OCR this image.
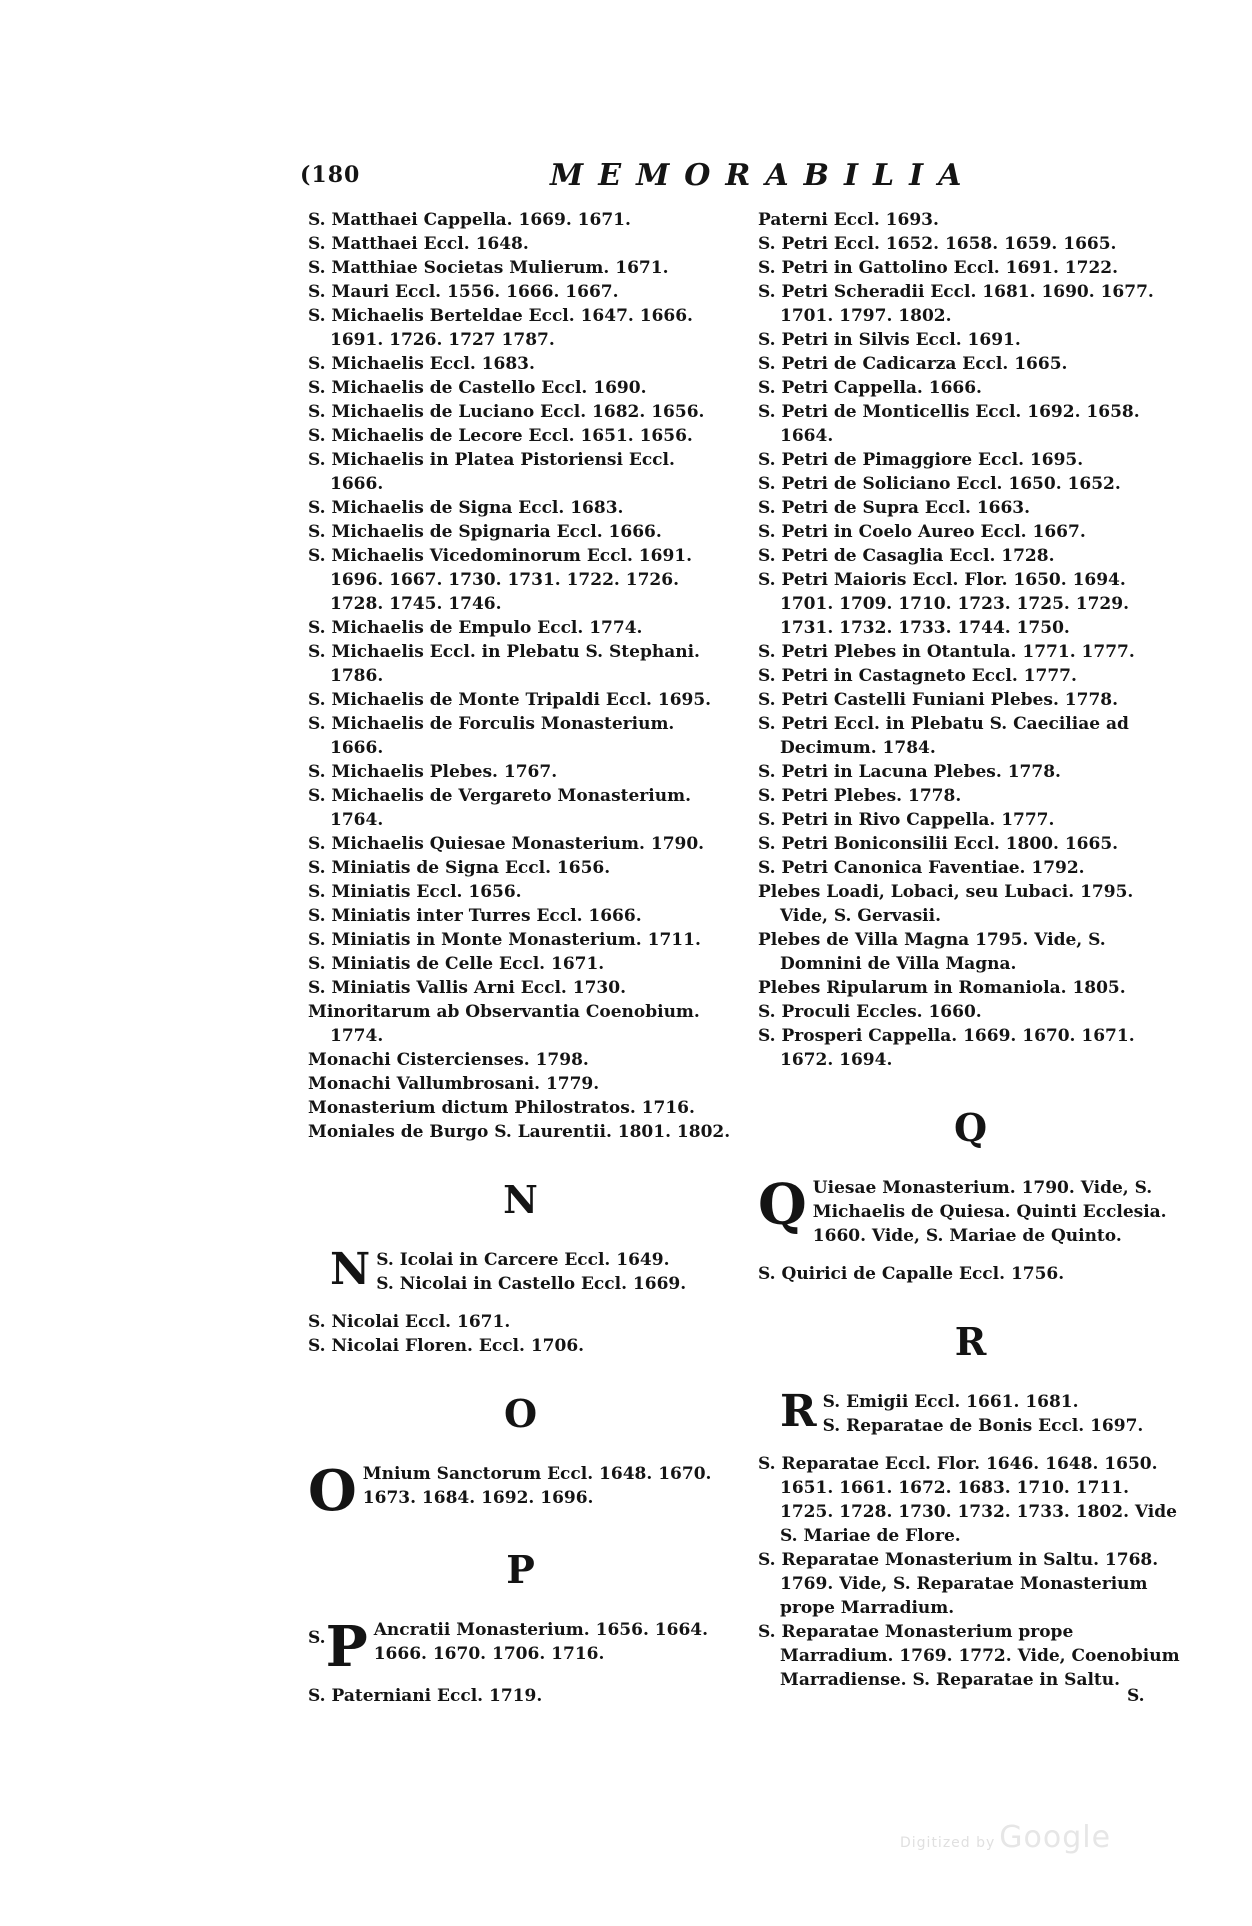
(180	MEMORABILIA

S. Matthaei Cappella. 1669. 1671.

S. Matthaei Eccl. 1648.

S. Matthiae Societas Mulierum. 1671.

S. Mauri Eccl. 1556. 1666. 1667.

S. Michaelis Berteldae Eccl. 1647. 1666. 1691. 1726. 1727 1787.

S. Michaelis Eccl. 1683.

S. Michaelis de Castello Eccl. 1690.

S. Michaelis de Luciano Eccl. 1682. 1656.

S. Michaelis de Lecore Eccl. 1651. 1656.

S. Michaelis in Platea Pistoriensi Eccl. 1666.

S. Michaelis de Signa Eccl. 1683.

S. Michaelis de Spignaria Eccl. 1666.

S. Michaelis Vicedominorum Eccl. 1691. 1696. 1667. 1730. 1731. 1722. 1726. 1728. 1745. 1746.

S. Michaelis de Empulo Eccl. 1774.

S. Michaelis Eccl. in Plebatu S. Stephani. 1786.

S. Michaelis de Monte Tripaldi Eccl. 1695.

S. Michaelis de Forculis Monasterium. 1666.

S. Michaelis Plebes. 1767.

S. Michaelis de Vergareto Monasterium. 1764.

S. Michaelis Quiesae Monasterium. 1790.

S. Miniatis de Signa Eccl. 1656.

S. Miniatis Eccl. 1656.

S. Miniatis inter Turres Eccl. 1666.

S. Miniatis in Monte Monasterium. 1711.

S. Miniatis de Celle Eccl. 1671.

S. Miniatis Vallis Arni Eccl. 1730.

Minoritarum ab Observantia Coenobium. 1774.

Monachi Cistercienses. 1798.

Monachi Vallumbrosani. 1779.

Monasterium dictum Philostratos. 1716.

Moniales de Burgo S. Laurentii. 1801. 1802.

N
N S. Icolai in Carcere Eccl. 1649.

S. Nicolai in Castello Eccl. 1669.

S. Nicolai Eccl. 1671.

S. Nicolai Floren. Eccl. 1706.

O
O Mnium Sanctorum Eccl. 1648. 1670. 1673. 1684. 1692. 1696.

P
S. P Ancratii Monasterium. 1656. 1664. 1666. 1670. 1706. 1716.

S. Paterniani Eccl. 1719.

Paterni Eccl. 1693.

S. Petri Eccl. 1652. 1658. 1659. 1665.

S. Petri in Gattolino Eccl. 1691. 1722.

S. Petri Scheradii Eccl. 1681. 1690. 1677. 1701. 1797. 1802.

S. Petri in Silvis Eccl. 1691.

S. Petri de Cadicarza Eccl. 1665.

S. Petri Cappella. 1666.

S. Petri de Monticellis Eccl. 1692. 1658. 1664.

S. Petri de Pimaggiore Eccl. 1695.

S. Petri de Soliciano Eccl. 1650. 1652.

S. Petri de Supra Eccl. 1663.

S. Petri in Coelo Aureo Eccl. 1667.

S. Petri de Casaglia Eccl. 1728.

S. Petri Maioris Eccl. Flor. 1650. 1694. 1701. 1709. 1710. 1723. 1725. 1729. 1731. 1732. 1733. 1744. 1750.

S. Petri Plebes in Otantula. 1771. 1777.

S. Petri in Castagneto Eccl. 1777.

S. Petri Castelli Funiani Plebes. 1778.

S. Petri Eccl. in Plebatu S. Caeciliae ad Decimum. 1784.

S. Petri in Lacuna Plebes. 1778.

S. Petri Plebes. 1778.

S. Petri in Rivo Cappella. 1777.

S. Petri Boniconsilii Eccl. 1800. 1665.

S. Petri Canonica Faventiae. 1792.

Plebes Loadi, Lobaci, seu Lubaci. 1795. Vide, S. Gervasii.

Plebes de Villa Magna 1795. Vide, S. Domnini de Villa Magna.

Plebes Ripularum in Romaniola. 1805.

S. Proculi Eccles. 1660.

S. Prosperi Cappella. 1669. 1670. 1671. 1672. 1694.

Q
Q Uiesae Monasterium. 1790. Vide, S. Michaelis de Quiesa. Quinti Ecclesia. 1660. Vide, S. Mariae de Quinto.

S. Quirici de Capalle Eccl. 1756.

R
R S. Emigii Eccl. 1661. 1681.

S. Reparatae de Bonis Eccl. 1697.

S. Reparatae Eccl. Flor. 1646. 1648. 1650. 1651. 1661. 1672. 1683. 1710. 1711. 1725. 1728. 1730. 1732. 1733. 1802. Vide S. Mariae de Flore.

S. Reparatae Monasterium in Saltu. 1768. 1769. Vide, S. Reparatae Monasterium prope Marradium.

S. Reparatae Monasterium prope Marradium. 1769. 1772. Vide, Coenobium Marradiense. S. Reparatae in Saltu.

S.
Digitized by Google
